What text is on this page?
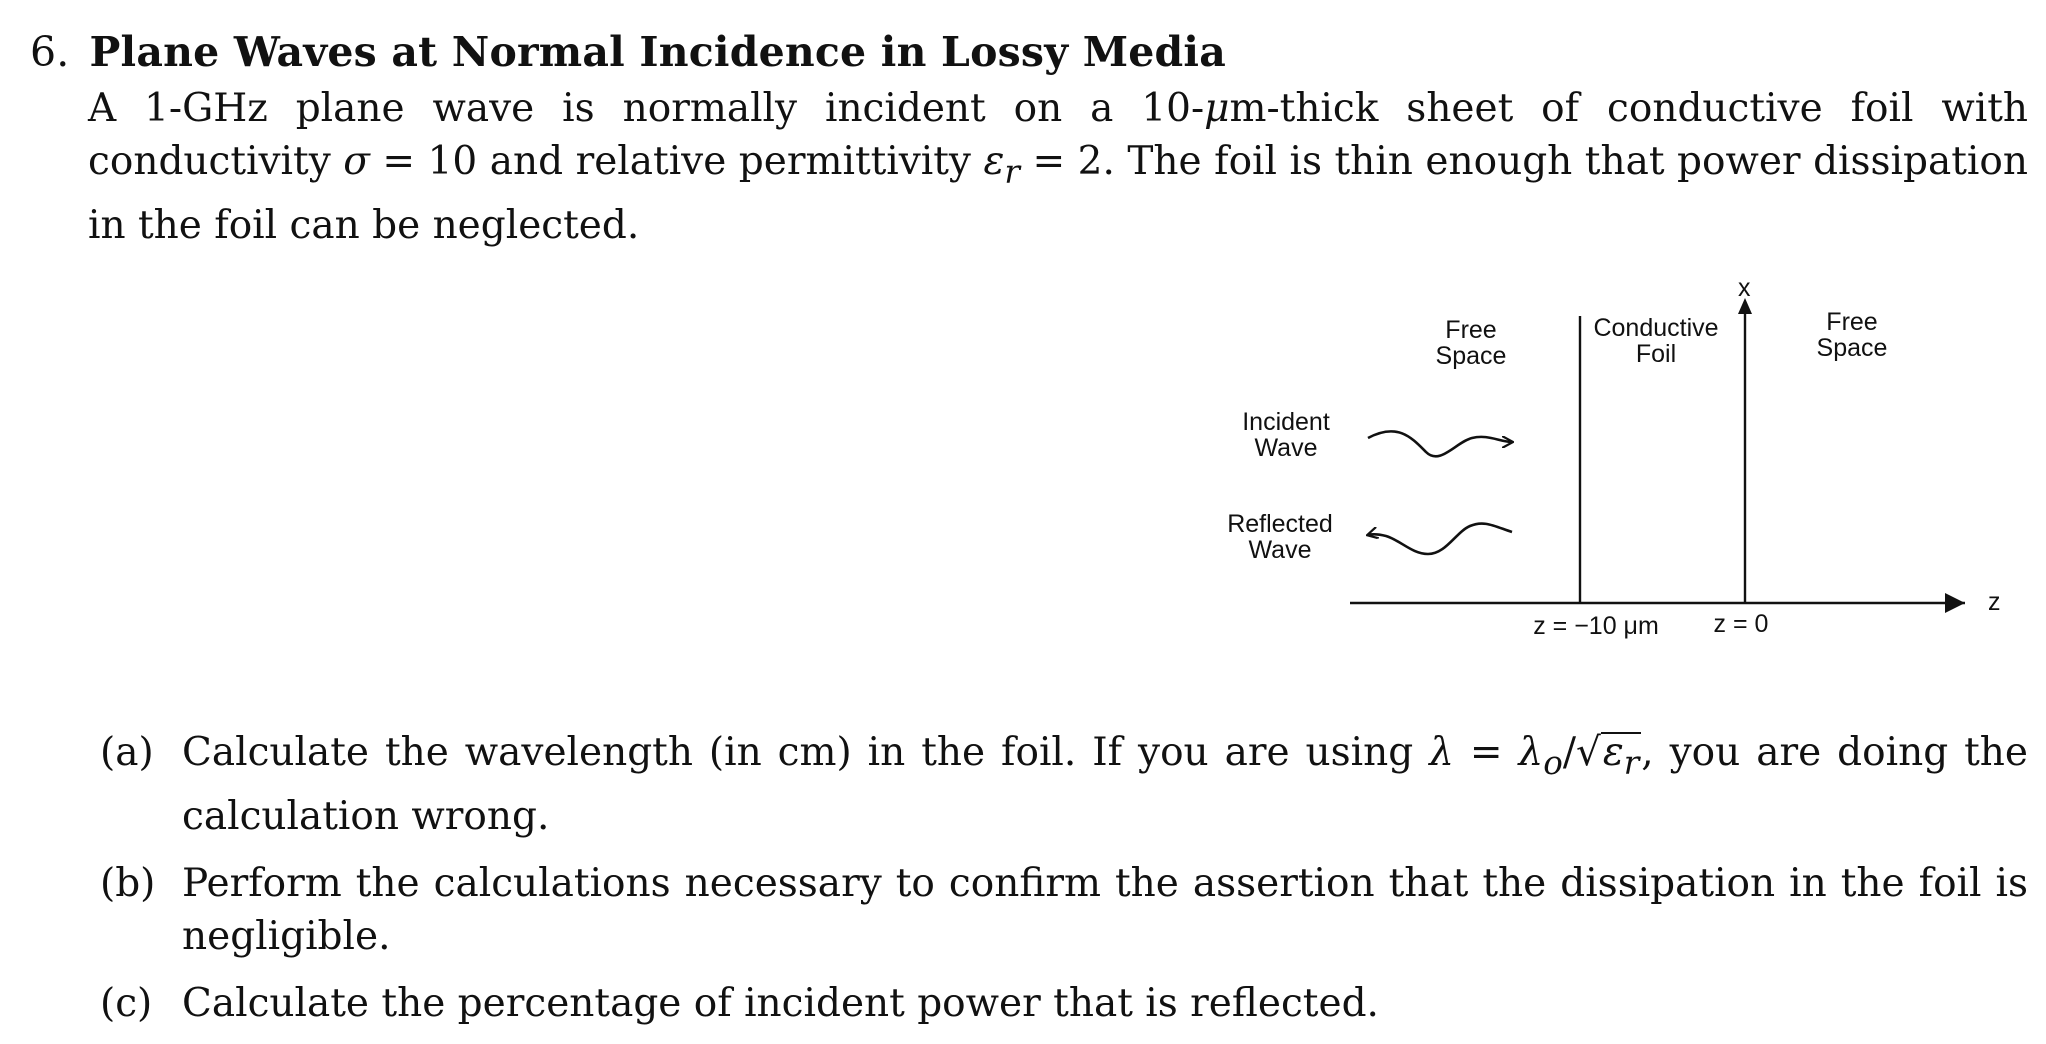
6. Plane Waves at Normal Incidence in Lossy Media
A 1-GHz plane wave is normally incident on a 10-μm-thick sheet of conductive foil with conductivity σ = 10 and relative permittivity $\varepsilon_r = 2$. The foil is thin enough that power dissipation in the foil can be neglected.
z
x
Free
Space
Conductive
Foil
Free
Space
Incident
Wave
Reflected
Wave
z = −10 μm z = 0
(a) Calculate the wavelength (in cm) in the foil. If you are using $\lambda = \lambda_o/√\varepsilon_r$, you are doing the calculation wrong.
(b) Perform the calculations necessary to confirm the assertion that the dissipation in the foil is negligible.
(c) Calculate the percentage of incident power that is reflected.
